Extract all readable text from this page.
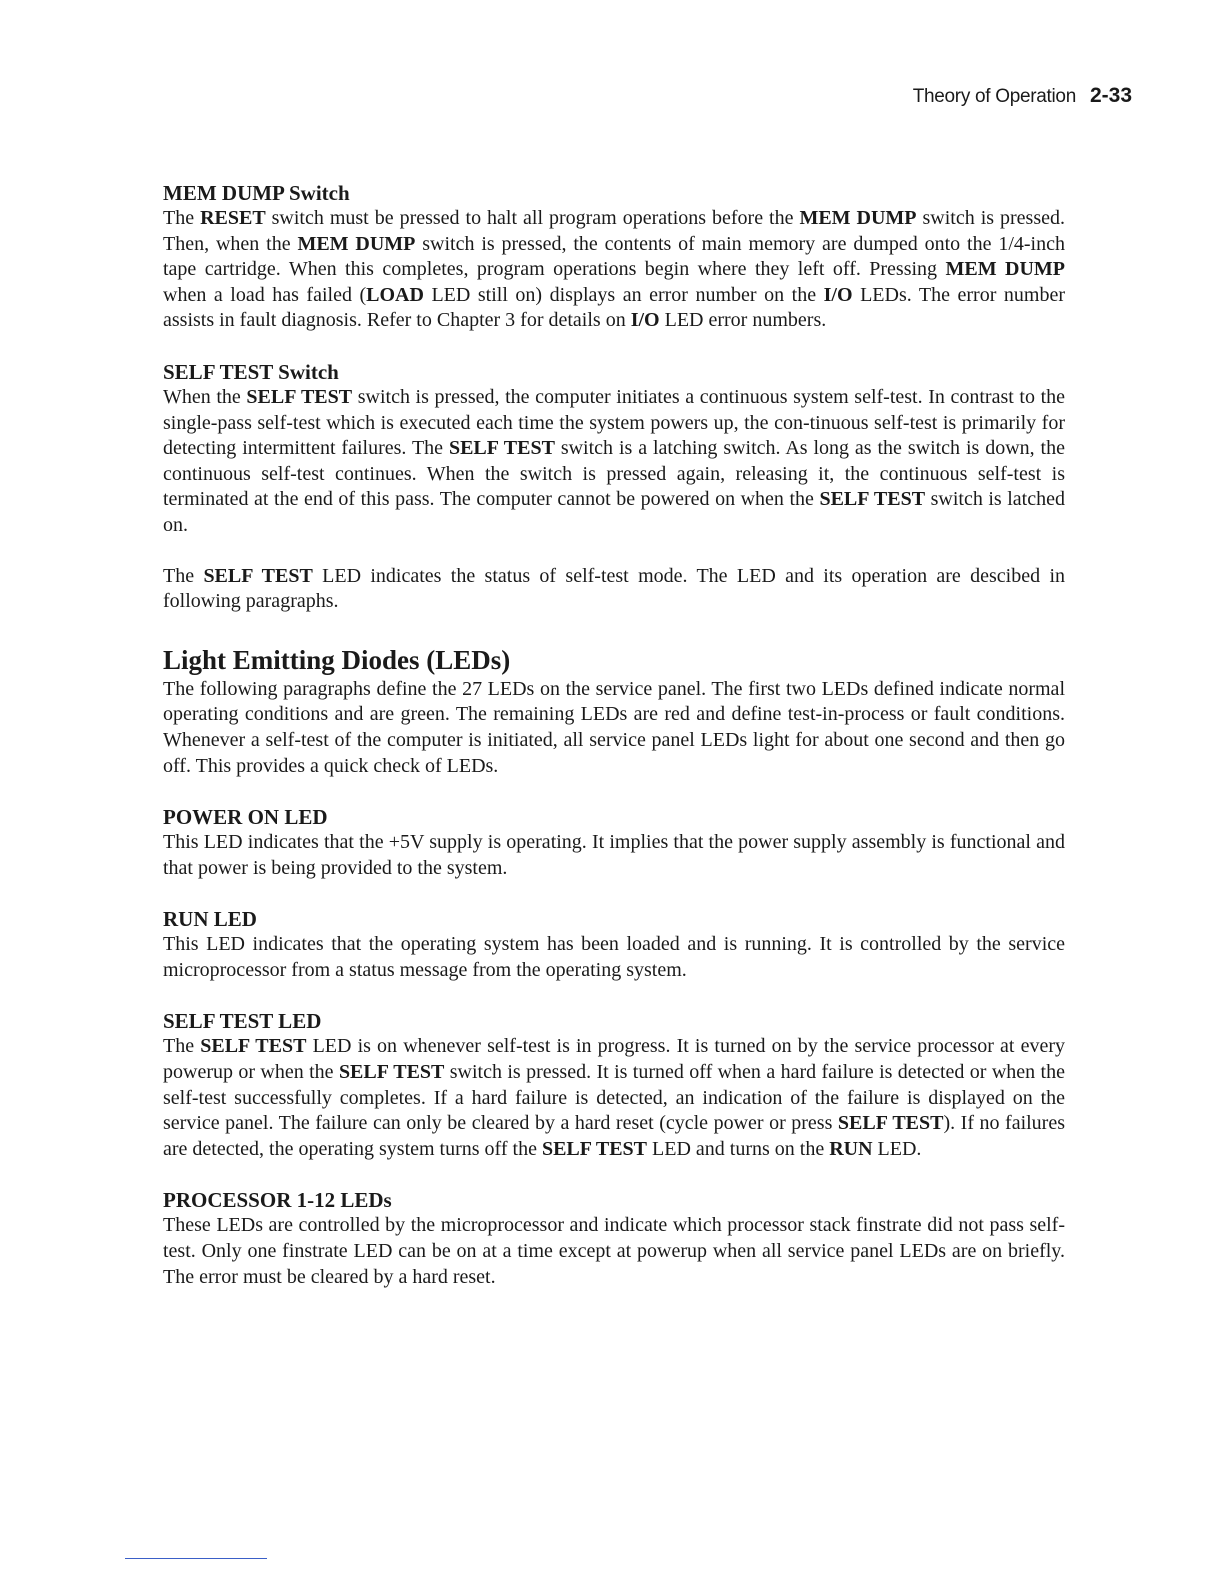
Theory of Operation 2-33
MEM DUMP Switch

The RESET switch must be pressed to halt all program operations before the MEM DUMP switch is pressed. Then, when the MEM DUMP switch is pressed, the contents of main memory are dumped onto the 1/4-inch tape cartridge. When this completes, program operations begin where they left off. Pressing MEM DUMP when a load has failed (LOAD LED still on) displays an error number on the I/O LEDs. The error number assists in fault diagnosis. Refer to Chapter 3 for details on I/O LED error numbers.

SELF TEST Switch

When the SELF TEST switch is pressed, the computer initiates a continuous system self-test. In contrast to the single-pass self-test which is executed each time the system powers up, the con-tinuous self-test is primarily for detecting intermittent failures. The SELF TEST switch is a latching switch. As long as the switch is down, the continuous self-test continues. When the switch is pressed again, releasing it, the continuous self-test is terminated at the end of this pass. The computer cannot be powered on when the SELF TEST switch is latched on.

The SELF TEST LED indicates the status of self-test mode. The LED and its operation are descibed in following paragraphs.

Light Emitting Diodes (LEDs)

The following paragraphs define the 27 LEDs on the service panel. The first two LEDs defined indicate normal operating conditions and are green. The remaining LEDs are red and define test-in-process or fault conditions. Whenever a self-test of the computer is initiated, all service panel LEDs light for about one second and then go off. This provides a quick check of LEDs.

POWER ON LED

This LED indicates that the +5V supply is operating. It implies that the power supply assembly is functional and that power is being provided to the system.

RUN LED

This LED indicates that the operating system has been loaded and is running. It is controlled by the service microprocessor from a status message from the operating system.

SELF TEST LED

The SELF TEST LED is on whenever self-test is in progress. It is turned on by the service processor at every powerup or when the SELF TEST switch is pressed. It is turned off when a hard failure is detected or when the self-test successfully completes. If a hard failure is detected, an indication of the failure is displayed on the service panel. The failure can only be cleared by a hard reset (cycle power or press SELF TEST). If no failures are detected, the operating system turns off the SELF TEST LED and turns on the RUN LED.

PROCESSOR 1-12 LEDs

These LEDs are controlled by the microprocessor and indicate which processor stack finstrate did not pass self-test. Only one finstrate LED can be on at a time except at powerup when all service panel LEDs are on briefly. The error must be cleared by a hard reset.
